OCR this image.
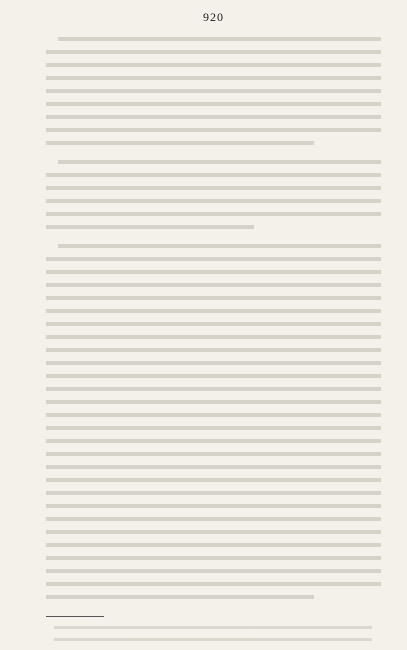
920
